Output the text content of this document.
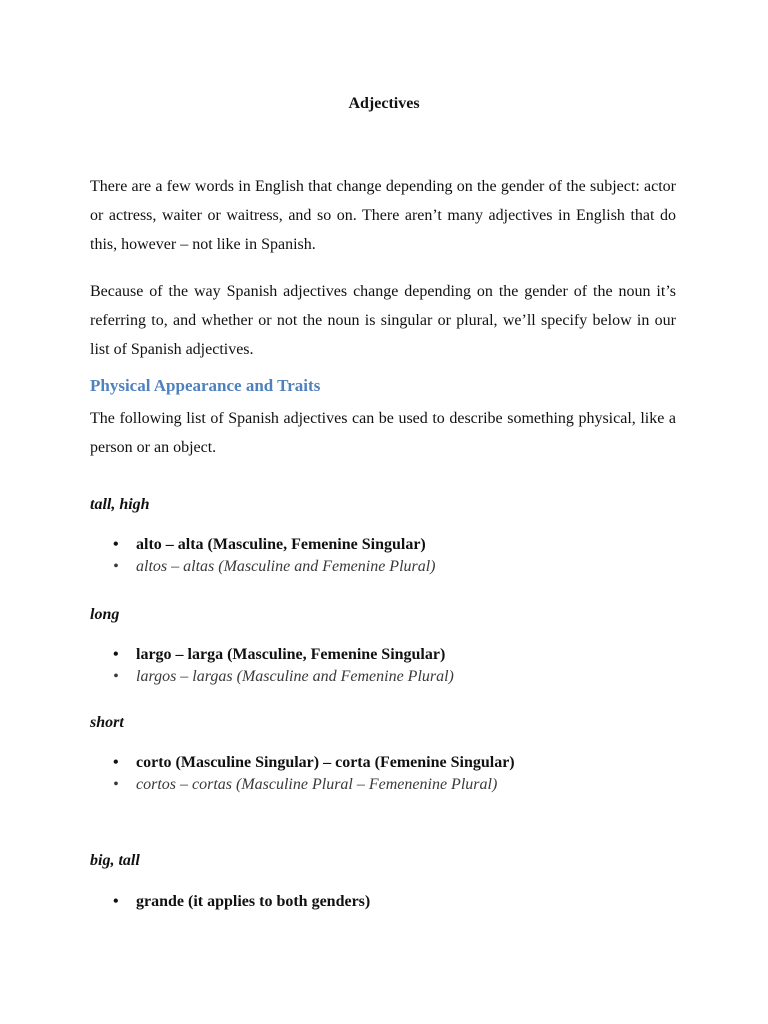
Adjectives
There are a few words in English that change depending on the gender of the subject: actor or actress, waiter or waitress, and so on. There aren’t many adjectives in English that do this, however – not like in Spanish.
Because of the way Spanish adjectives change depending on the gender of the noun it’s referring to, and whether or not the noun is singular or plural, we’ll specify below in our list of Spanish adjectives.
Physical Appearance and Traits
The following list of Spanish adjectives can be used to describe something physical, like a person or an object.
tall, high
• alto – alta (Masculine, Femenine Singular)
• altos – altas (Masculine and Femenine Plural)
long
• largo – larga (Masculine, Femenine Singular)
• largos – largas (Masculine and Femenine Plural)
short
• corto (Masculine Singular) – corta (Femenine Singular)
• cortos – cortas (Masculine Plural – Femenenine Plural)
big, tall
• grande (it applies to both genders)
